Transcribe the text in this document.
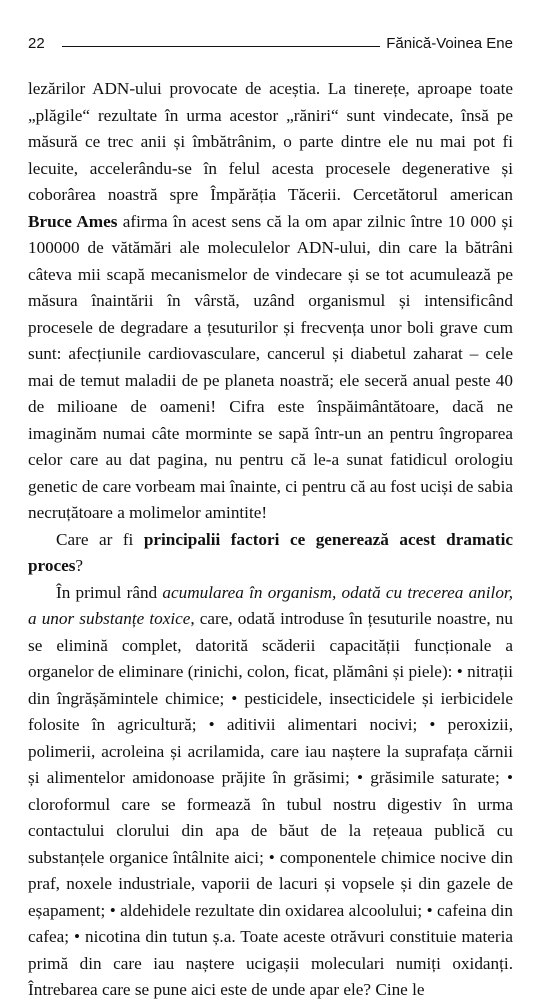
22	Fănică-Voinea Ene

lezărilor ADN-ului provocate de aceștia. La tinerețe, aproape toate „plăgile“ rezultate în urma acestor „răniri“ sunt vindecate, însă pe măsură ce trec anii și îmbătrânim, o parte dintre ele nu mai pot fi lecuite, accelerându-se în felul acesta procesele degenerative și coborârea noastră spre Împărăția Tăcerii. Cercetătorul american Bruce Ames afirma în acest sens că la om apar zilnic între 10 000 și 100000 de vătămări ale moleculelor ADN-ului, din care la bătrâni câteva mii scapă mecanismelor de vindecare și se tot acumulează pe măsura înaintării în vârstă, uzând organismul și intensificând procesele de degradare a țesuturilor și frecvența unor boli grave cum sunt: afecțiunile cardiovasculare, cancerul și diabetul zaharat – cele mai de temut maladii de pe planeta noastră; ele seceră anual peste 40 de milioane de oameni! Cifra este înspăimântătoare, dacă ne imaginăm numai câte morminte se sapă într-un an pentru îngroparea celor care au dat pagina, nu pentru că le-a sunat fatidicul orologiu genetic de care vorbeam mai înainte, ci pentru că au fost uciși de sabia necruțătoare a molimelor amintite!

Care ar fi principalii factori ce generează acest dramatic proces?

În primul rând acumularea în organism, odată cu trecerea anilor, a unor substanțe toxice, care, odată introduse în țesuturile noastre, nu se elimină complet, datorită scăderii capacității funcționale a organelor de eliminare (rinichi, colon, ficat, plămâni și piele): • nitrații din îngrășămintele chimice; • pesticidele, insecticidele și ierbicidele folosite în agricultură; • aditivii alimentari nocivi; • peroxizii, polimerii, acroleina și acrilamida, care iau naștere la suprafața cărnii și alimentelor amidonoase prăjite în grăsimi; • grăsimile saturate; • cloroformul care se formează în tubul nostru digestiv în urma contactului clorului din apa de băut de la rețeaua publică cu substanțele organice întâlnite aici; • componentele chimice nocive din praf, noxele industriale, vaporii de lacuri și vopsele și din gazele de eșapament; • aldehidele rezultate din oxidarea alcoolului; • cafeina din cafea; • nicotina din tutun ș.a. Toate aceste otrăvuri constituie materia primă din care iau naștere ucigașii moleculari numiți oxidanți. Întrebarea care se pune aici este de unde apar ele? Cine le
